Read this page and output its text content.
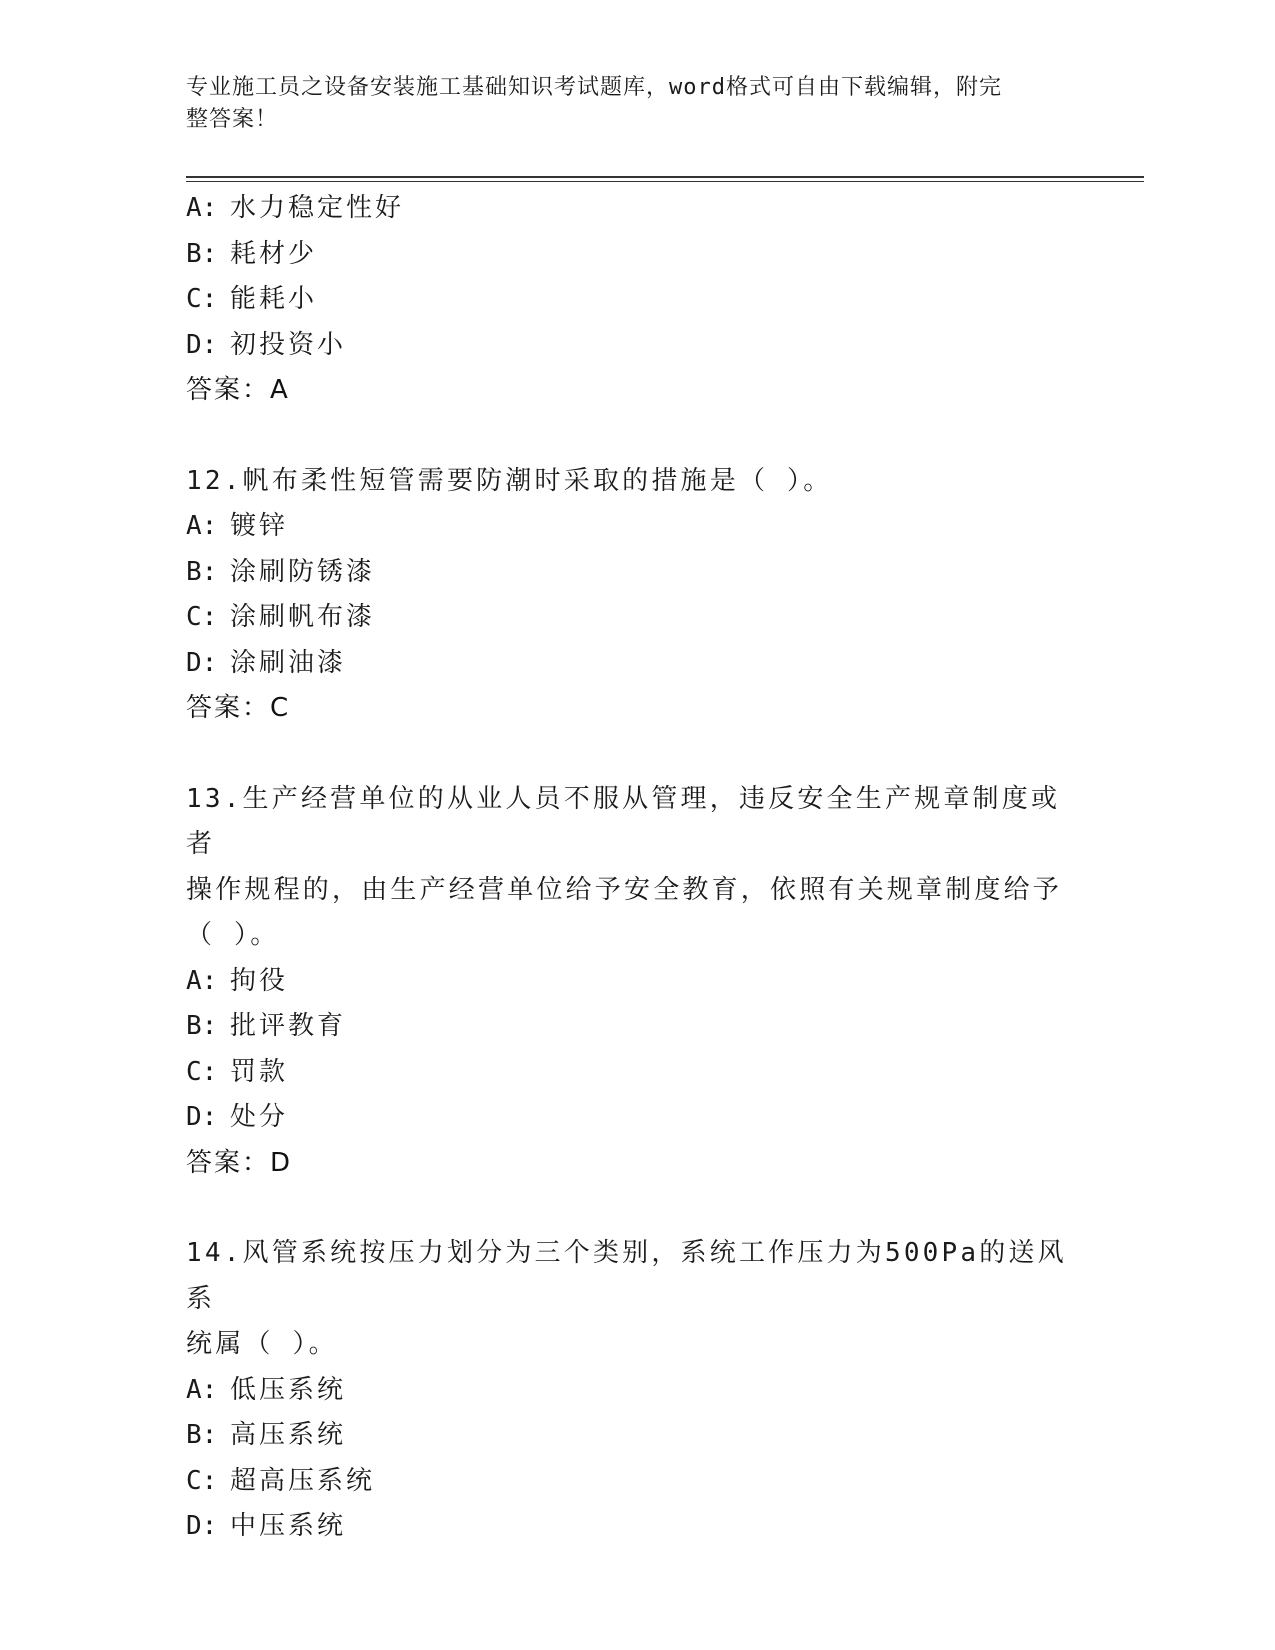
专业施工员之设备安装施工基础知识考试题库，word格式可自由下载编辑，附完
整答案！
A: 水力稳定性好
B: 耗材少
C: 能耗小
D: 初投资小
答案：A
12.帆布柔性短管需要防潮时采取的措施是（ ）。
A: 镀锌
B: 涂刷防锈漆
C: 涂刷帆布漆
D: 涂刷油漆
答案：C
13.生产经营单位的从业人员不服从管理，违反安全生产规章制度或者
操作规程的，由生产经营单位给予安全教育，依照有关规章制度给予
（ ）。
A: 拘役
B: 批评教育
C: 罚款
D: 处分
答案：D
14.风管系统按压力划分为三个类别，系统工作压力为500Pa的送风系
统属（ ）。
A: 低压系统
B: 高压系统
C: 超高压系统
D: 中压系统
